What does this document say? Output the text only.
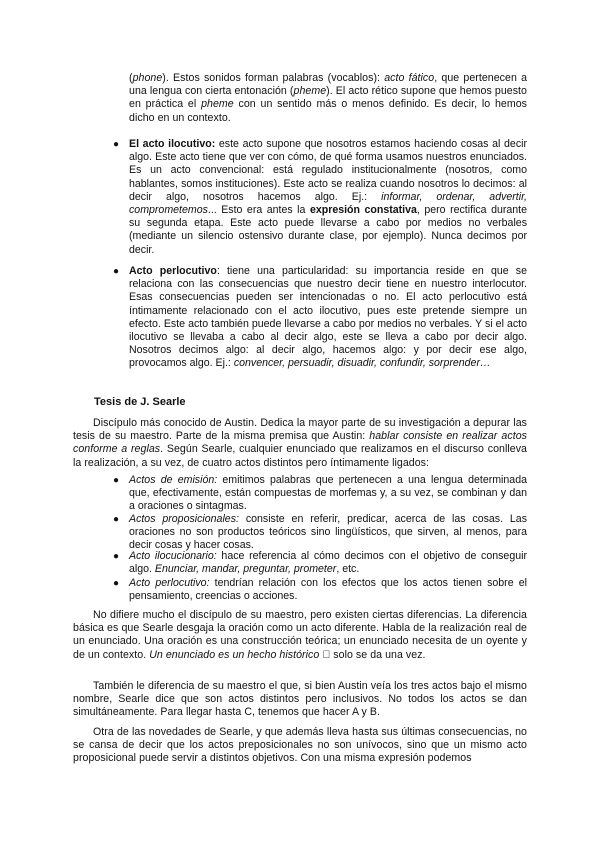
(phone). Estos sonidos forman palabras (vocablos): acto fático, que pertenecen a una lengua con cierta entonación (pheme). El acto rético supone que hemos puesto en práctica el pheme con un sentido más o menos definido. Es decir, lo hemos dicho en un contexto.

● El acto ilocutivo: este acto supone que nosotros estamos haciendo cosas al decir algo. Este acto tiene que ver con cómo, de qué forma usamos nuestros enunciados. Es un acto convencional: está regulado institucionalmente (nosotros, como hablantes, somos instituciones). Este acto se realiza cuando nosotros lo decimos: al decir algo, nosotros hacemos algo. Ej.: informar, ordenar, advertir, comprometemos... Esto era antes la expresión constativa, pero rectifica durante su segunda etapa. Este acto puede llevarse a cabo por medios no verbales (mediante un silencio ostensivo durante clase, por ejemplo). Nunca decimos por decir.

● Acto perlocutivo: tiene una particularidad: su importancia reside en que se relaciona con las consecuencias que nuestro decir tiene en nuestro interlocutor. Esas consecuencias pueden ser intencionadas o no. El acto perlocutivo está íntimamente relacionado con el acto ilocutivo, pues este pretende siempre un efecto. Este acto también puede llevarse a cabo por medios no verbales. Y si el acto ilocutivo se llevaba a cabo al decir algo, este se lleva a cabo por decir algo. Nosotros decimos algo: al decir algo, hacemos algo: y por decir ese algo, provocamos algo. Ej.: convencer, persuadir, disuadir, confundir, sorprender…

Tesis de J. Searle

Discípulo más conocido de Austin. Dedica la mayor parte de su investigación a depurar las tesis de su maestro. Parte de la misma premisa que Austin: hablar consiste en realizar actos conforme a reglas. Según Searle, cualquier enunciado que realizamos en el discurso conlleva la realización, a su vez, de cuatro actos distintos pero íntimamente ligados:

● Actos de emisión: emitimos palabras que pertenecen a una lengua determinada que, efectivamente, están compuestas de morfemas y, a su vez, se combinan y dan a oraciones o sintagmas.

● Actos proposicionales: consiste en referir, predicar, acerca de las cosas. Las oraciones no son productos teóricos sino lingüísticos, que sirven, al menos, para decir cosas y hacer cosas.

● Acto ilocucionario: hace referencia al cómo decimos con el objetivo de conseguir algo. Enunciar, mandar, preguntar, prometer, etc.

● Acto perlocutivo: tendrían relación con los efectos que los actos tienen sobre el pensamiento, creencias o acciones.

No difiere mucho el discípulo de su maestro, pero existen ciertas diferencias. La diferencia básica es que Searle desgaja la oración como un acto diferente. Habla de la realización real de un enunciado. Una oración es una construcción teórica; un enunciado necesita de un oyente y de un contexto. Un enunciado es un hecho histórico solo se da una vez.

También le diferencia de su maestro el que, si bien Austin veía los tres actos bajo el mismo nombre, Searle dice que son actos distintos pero inclusivos. No todos los actos se dan simultáneamente. Para llegar hasta C, tenemos que hacer A y B.

Otra de las novedades de Searle, y que además lleva hasta sus últimas consecuencias, no se cansa de decir que los actos preposicionales no son unívocos, sino que un mismo acto proposicional puede servir a distintos objetivos. Con una misma expresión podemos
